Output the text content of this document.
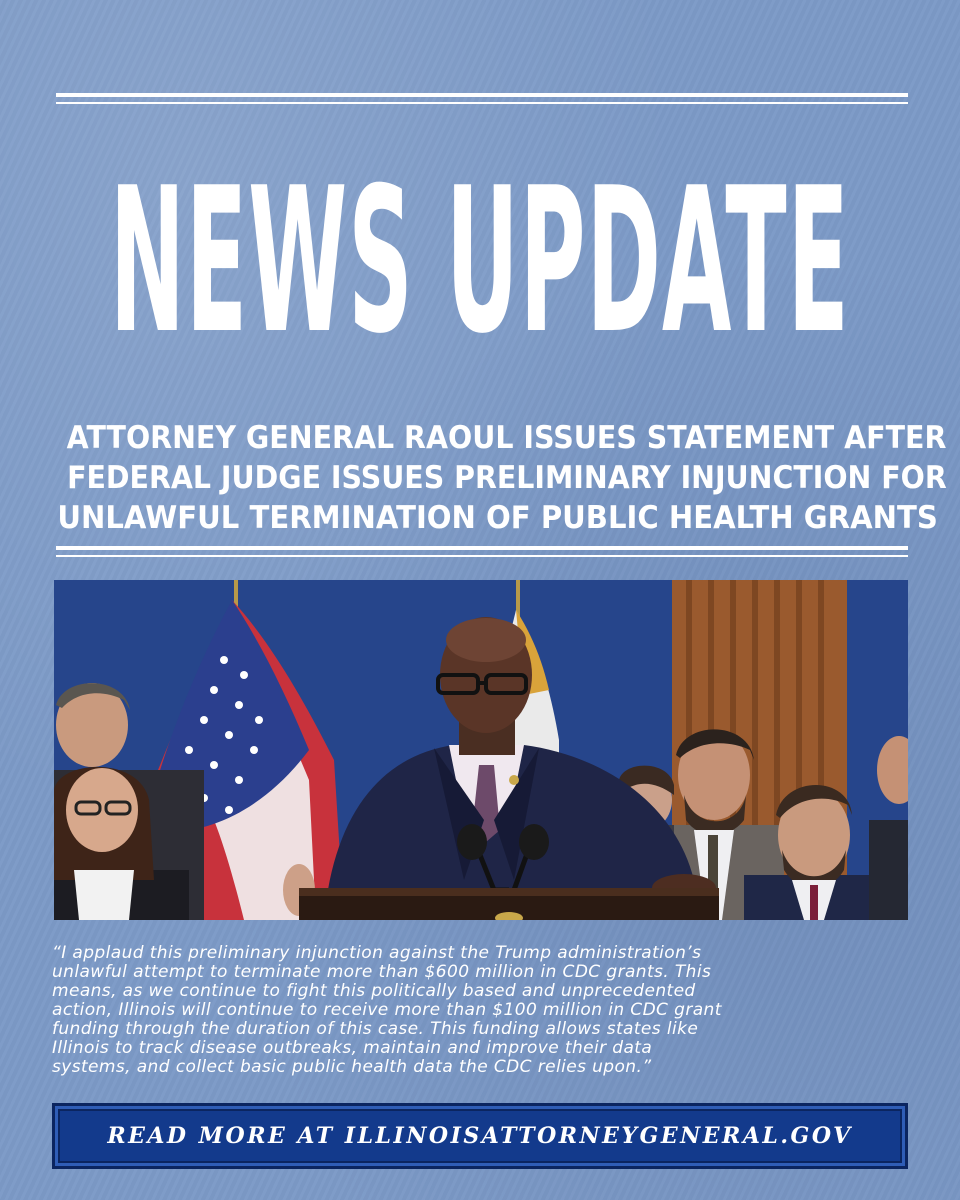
NEWS UPDATE
ATTORNEY GENERAL RAOUL ISSUES STATEMENT AFTER
FEDERAL JUDGE ISSUES PRELIMINARY INJUNCTION FOR
UNLAWFUL TERMINATION OF PUBLIC HEALTH GRANTS
“I applaud this preliminary injunction against the Trump administration’s
unlawful attempt to terminate more than $600 million in CDC grants. This
means, as we continue to fight this politically based and unprecedented
action, Illinois will continue to receive more than $100 million in CDC grant
funding through the duration of this case. This funding allows states like
Illinois to track disease outbreaks, maintain and improve their data
systems, and collect basic public health data the CDC relies upon.”
READ MORE AT ILLINOISATTORNEYGENERAL.GOV
